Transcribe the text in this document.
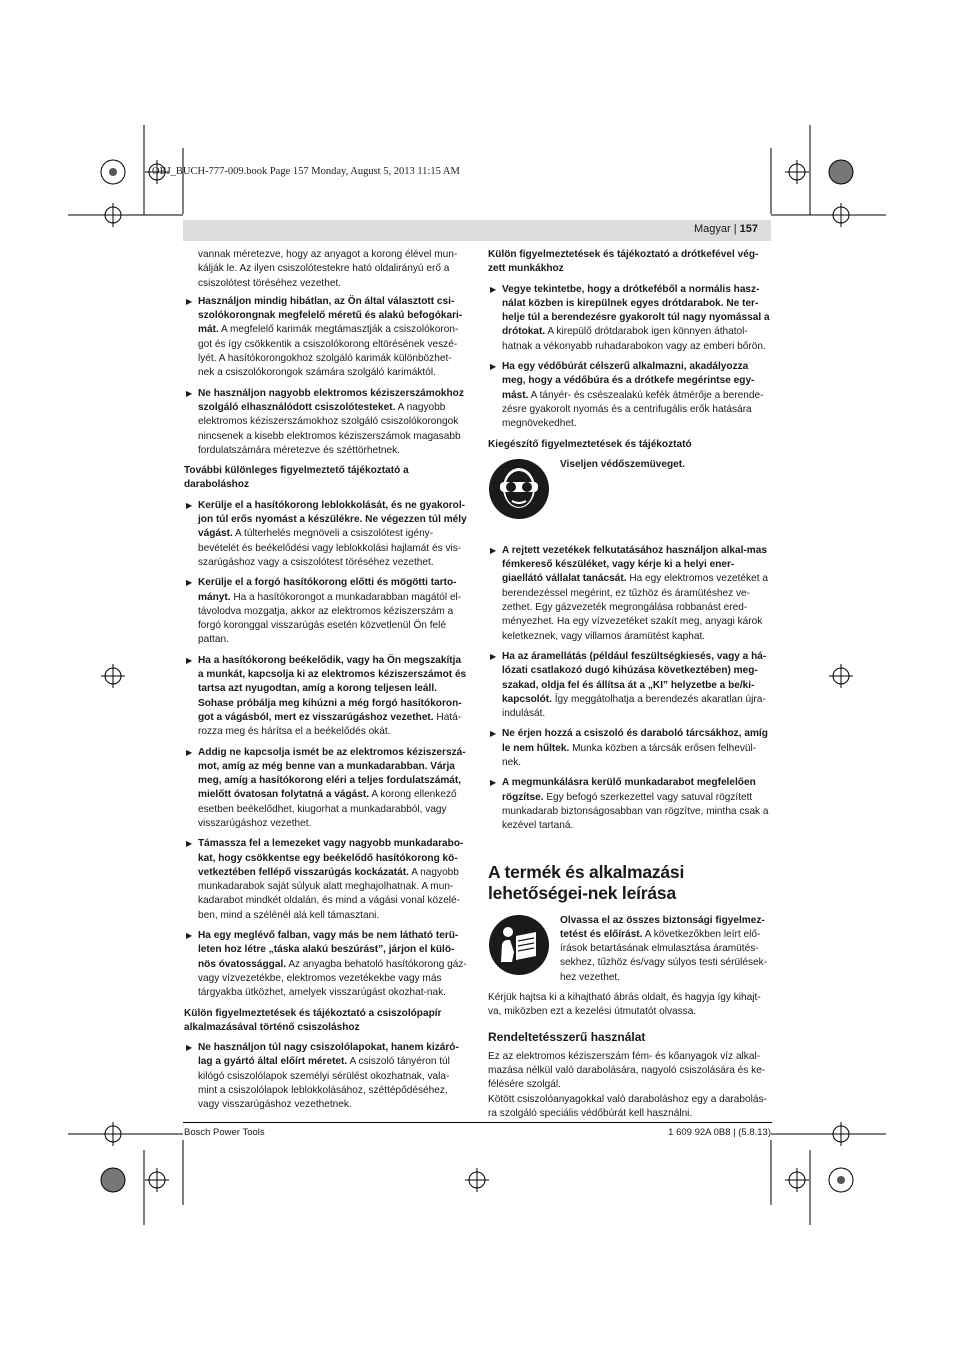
OBJ_BUCH-777-009.book Page 157 Monday, August 5, 2013 11:15 AM
Magyar | 157

vannak méretezve, hogy az anyagot a korong élével mun-kálják le. Az ilyen csiszolótestekre ható oldalirányú erő a csiszolótest töréséhez vezethet.

▶ Használjon mindig hibátlan, az Ön által választott csi-szolókorongnak megfelelő méretű és alakú befogókari-mát. A megfelelő karimák megtámasztják a csiszolókoron-got és így csökkentik a csiszolókorong eltörésének veszé-lyét. A hasítókorongokhoz szolgáló karimák különbözhet-nek a csiszolókorongok számára szolgáló karimáktól.
▶ Ne használjon nagyobb elektromos kéziszerszámokhoz szolgáló elhasználódott csiszolótesteket. A nagyobb elektromos kéziszerszámokhoz szolgáló csiszolókorongok nincsenek a kisebb elektromos kéziszerszámok magasabb fordulatszámára méretezve és széttörhetnek.
További különleges figyelmeztető tájékoztató a daraboláshoz
▶ Kerülje el a hasítókorong leblokkolását, és ne gyakorol-jon túl erős nyomást a készülékre. Ne végezzen túl mély vágást. A túlterhelés megnöveli a csiszolótest igény-bevételét és beékelődési vagy leblokkolási hajlamát és vis-szarúgáshoz vagy a csiszolótest töréséhez vezethet.
▶ Kerülje el a forgó hasítókorong előtti és mögötti tarto-mányt. Ha a hasítókorongot a munkadarabban magától el-távolodva mozgatja, akkor az elektromos kéziszerszám a forgó koronggal visszarúgás esetén közvetlenül Ön felé pattan.
▶ Ha a hasítókorong beékelődik, vagy ha Ön megszakítja a munkát, kapcsolja ki az elektromos kéziszerszámot és tartsa azt nyugodtan, amíg a korong teljesen leáll. Sohase próbálja meg kihúzni a még forgó hasítókoron-got a vágásból, mert ez visszarúgáshoz vezethet. Hatá-rozza meg és hárítsa el a beékelődés okát.
▶ Addig ne kapcsolja ismét be az elektromos kéziszerszá-mot, amíg az még benne van a munkadarabban. Várja meg, amíg a hasítókorong eléri a teljes fordulatszámát, mielőtt óvatosan folytatná a vágást. A korong ellenkező esetben beékelődhet, kiugorhat a munkadarabból, vagy visszarúgáshoz vezethet.
▶ Támassza fel a lemezeket vagy nagyobb munkadarabo-kat, hogy csökkentse egy beékelődő hasítókorong kö-vetkeztében fellépő visszarúgás kockázatát. A nagyobb munkadarabok saját súlyuk alatt meghajolhatnak. A mun-kadarabot mindkét oldalán, és mind a vágási vonal közelé-ben, mind a szélénél alá kell támasztani.
▶ Ha egy meglévő falban, vagy más be nem látható terü-leten hoz létre „táska alakú beszúrást”, járjon el külö-nös óvatossággal. Az anyagba behatoló hasítókorong gáz- vagy vízvezetékbe, elektromos vezetékekbe vagy más tárgyakba ütközhet, amelyek visszarúgást okozhat-nak.
Külön figyelmeztetések és tájékoztató a csiszolópapír alkalmazásával történő csiszoláshoz
▶ Ne használjon túl nagy csiszolólapokat, hanem kizáró-lag a gyártó által előírt méretet. A csiszoló tányéron túl kilógó csiszolólapok személyi sérülést okozhatnak, vala-mint a csiszolólapok leblokkolásához, széttépődéséhez, vagy visszarúgáshoz vezethetnek.
Külön figyelmeztetések és tájékoztató a drótkefével vég-zett munkákhoz
▶ Vegye tekintetbe, hogy a drótkeféből a normális hasz-nálat közben is kirepülnek egyes drótdarabok. Ne ter-helje túl a berendezésre gyakorolt túl nagy nyomással a drótokat. A kirepülő drótdarabok igen könnyen áthatol-hatnak a vékonyabb ruhadarabokon vagy az emberi bőrön.
▶ Ha egy védőbúrát célszerű alkalmazni, akadályozza meg, hogy a védőbúra és a drótkefe megérintse egy-mást. A tányér- és csészealakú kefék átmérője a berende-zésre gyakorolt nyomás és a centrifugális erők hatására megnövekedhet.
Kiegészítő figyelmeztetések és tájékoztató
Viseljen védőszemüveget.
▶ A rejtett vezetékek felkutatásához használjon alkal-mas fémkereső készüléket, vagy kérje ki a helyi ener-giaellátó vállalat tanácsát. Ha egy elektromos vezetéket a berendezéssel megérint, ez tűzhöz és áramütéshez ve-zethet. Egy gázvezeték megrongálása robbanást ered-ményezhet. Ha egy vízvezetéket szakít meg, anyagi károk keletkeznek, vagy villamos áramütést kaphat.
▶ Ha az áramellátás (például feszültségkiesés, vagy a há-lózati csatlakozó dugó kihúzása következtében) meg-szakad, oldja fel és állítsa át a „KI” helyzetbe a be/ki-kapcsolót. Így meggátolhatja a berendezés akaratlan újra-indulását.
▶ Ne érjen hozzá a csiszoló és daraboló tárcsákhoz, amíg le nem hűltek. Munka közben a tárcsák erősen felhevül-nek.
▶ A megmunkálásra kerülő munkadarabot megfelelően rögzítse. Egy befogó szerkezettel vagy satuval rögzített munkadarab biztonságosabban van rögzítve, mintha csak a kezével tartaná.
A termék és alkalmazási lehetőségei-nek leírása
Olvassa el az összes biztonsági figyelmez-tetést és előírást. A következőkben leírt elő-írások betartásának elmulasztása áramütés-sekhez, tűzhöz és/vagy súlyos testi sérülések-hez vezethet.
Kérjük hajtsa ki a kihajtható ábrás oldalt, és hagyja így kihajt-va, miközben ezt a kezelési útmutatót olvassa.
Rendeltetésszerű használat
Ez az elektromos kéziszerszám fém- és kőanyagok víz alkal-mazása nélkül való darabolására, nagyoló csiszolására és ke-félésére szolgál.
Kötött csiszolóanyagokkal való daraboláshoz egy a darabolás-ra szolgáló speciális védőbúrát kell használni.
Bosch Power Tools	1 609 92A 0B8 | (5.8.13)
